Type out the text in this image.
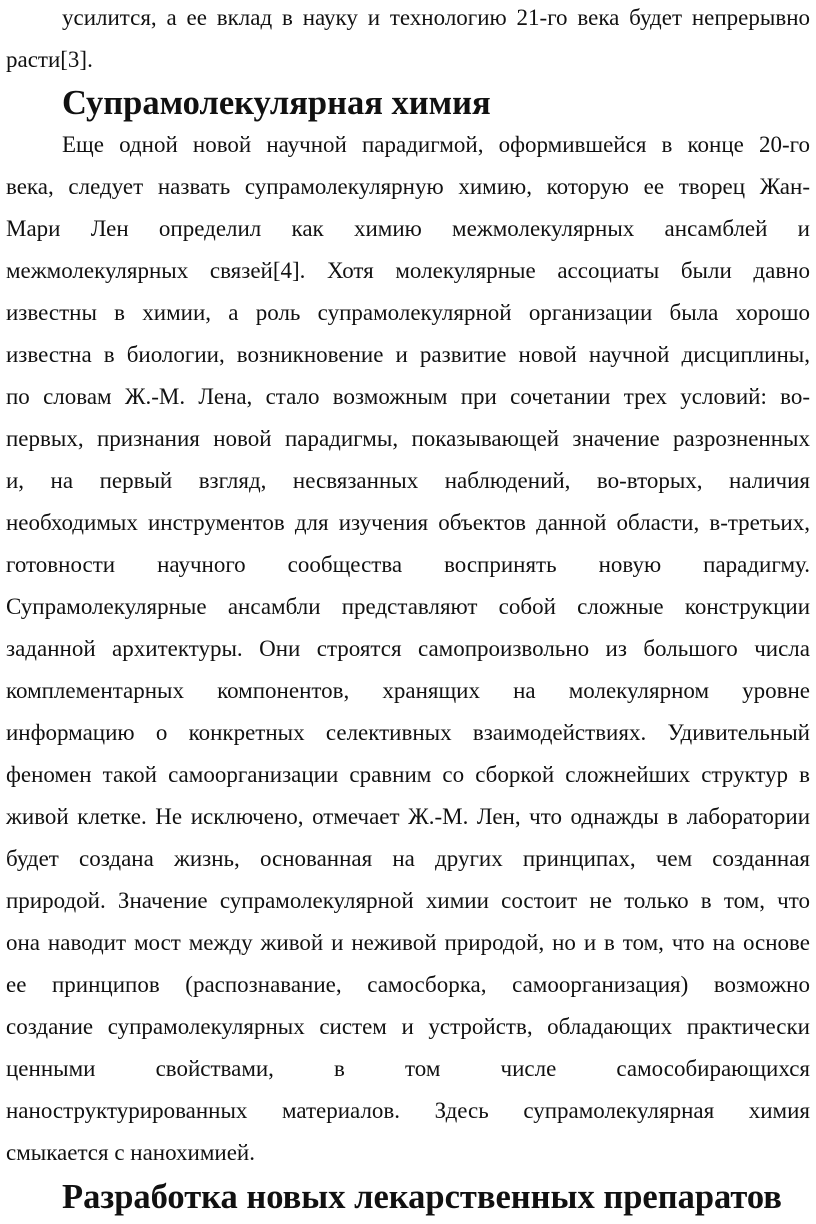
усилится, а ее вклад в науку и технологию 21-го века будет непрерывно

расти[3].

Супрамолекулярная химия

Еще одной новой научной парадигмой, оформившейся в конце 20-го

века, следует назвать супрамолекулярную химию, которую ее творец Жан-

Мари Лен определил как химию межмолекулярных ансамблей и

межмолекулярных связей[4]. Хотя молекулярные ассоциаты были давно

известны в химии, а роль супрамолекулярной организации была хорошо

известна в биологии, возникновение и развитие новой научной дисциплины,

по словам Ж.-М. Лена, стало возможным при сочетании трех условий: во-

первых, признания новой парадигмы, показывающей значение разрозненных

и, на первый взгляд, несвязанных наблюдений, во-вторых, наличия

необходимых инструментов для изучения объектов данной области, в-третьих,

готовности научного сообщества воспринять новую парадигму.

Супрамолекулярные ансамбли представляют собой сложные конструкции

заданной архитектуры. Они строятся самопроизвольно из большого числа

комплементарных компонентов, хранящих на молекулярном уровне

информацию о конкретных селективных взаимодействиях. Удивительный

феномен такой самоорганизации сравним со сборкой сложнейших структур в

живой клетке. Не исключено, отмечает Ж.-М. Лен, что однажды в лаборатории

будет создана жизнь, основанная на других принципах, чем созданная

природой. Значение супрамолекулярной химии состоит не только в том, что

она наводит мост между живой и неживой природой, но и в том, что на основе

ее принципов (распознавание, самосборка, самоорганизация) возможно

создание супрамолекулярных систем и устройств, обладающих практически

ценными свойствами, в том числе самособирающихся

наноструктурированных материалов. Здесь супрамолекулярная химия

смыкается с нанохимией.

Разработка новых лекарственных препаратов
